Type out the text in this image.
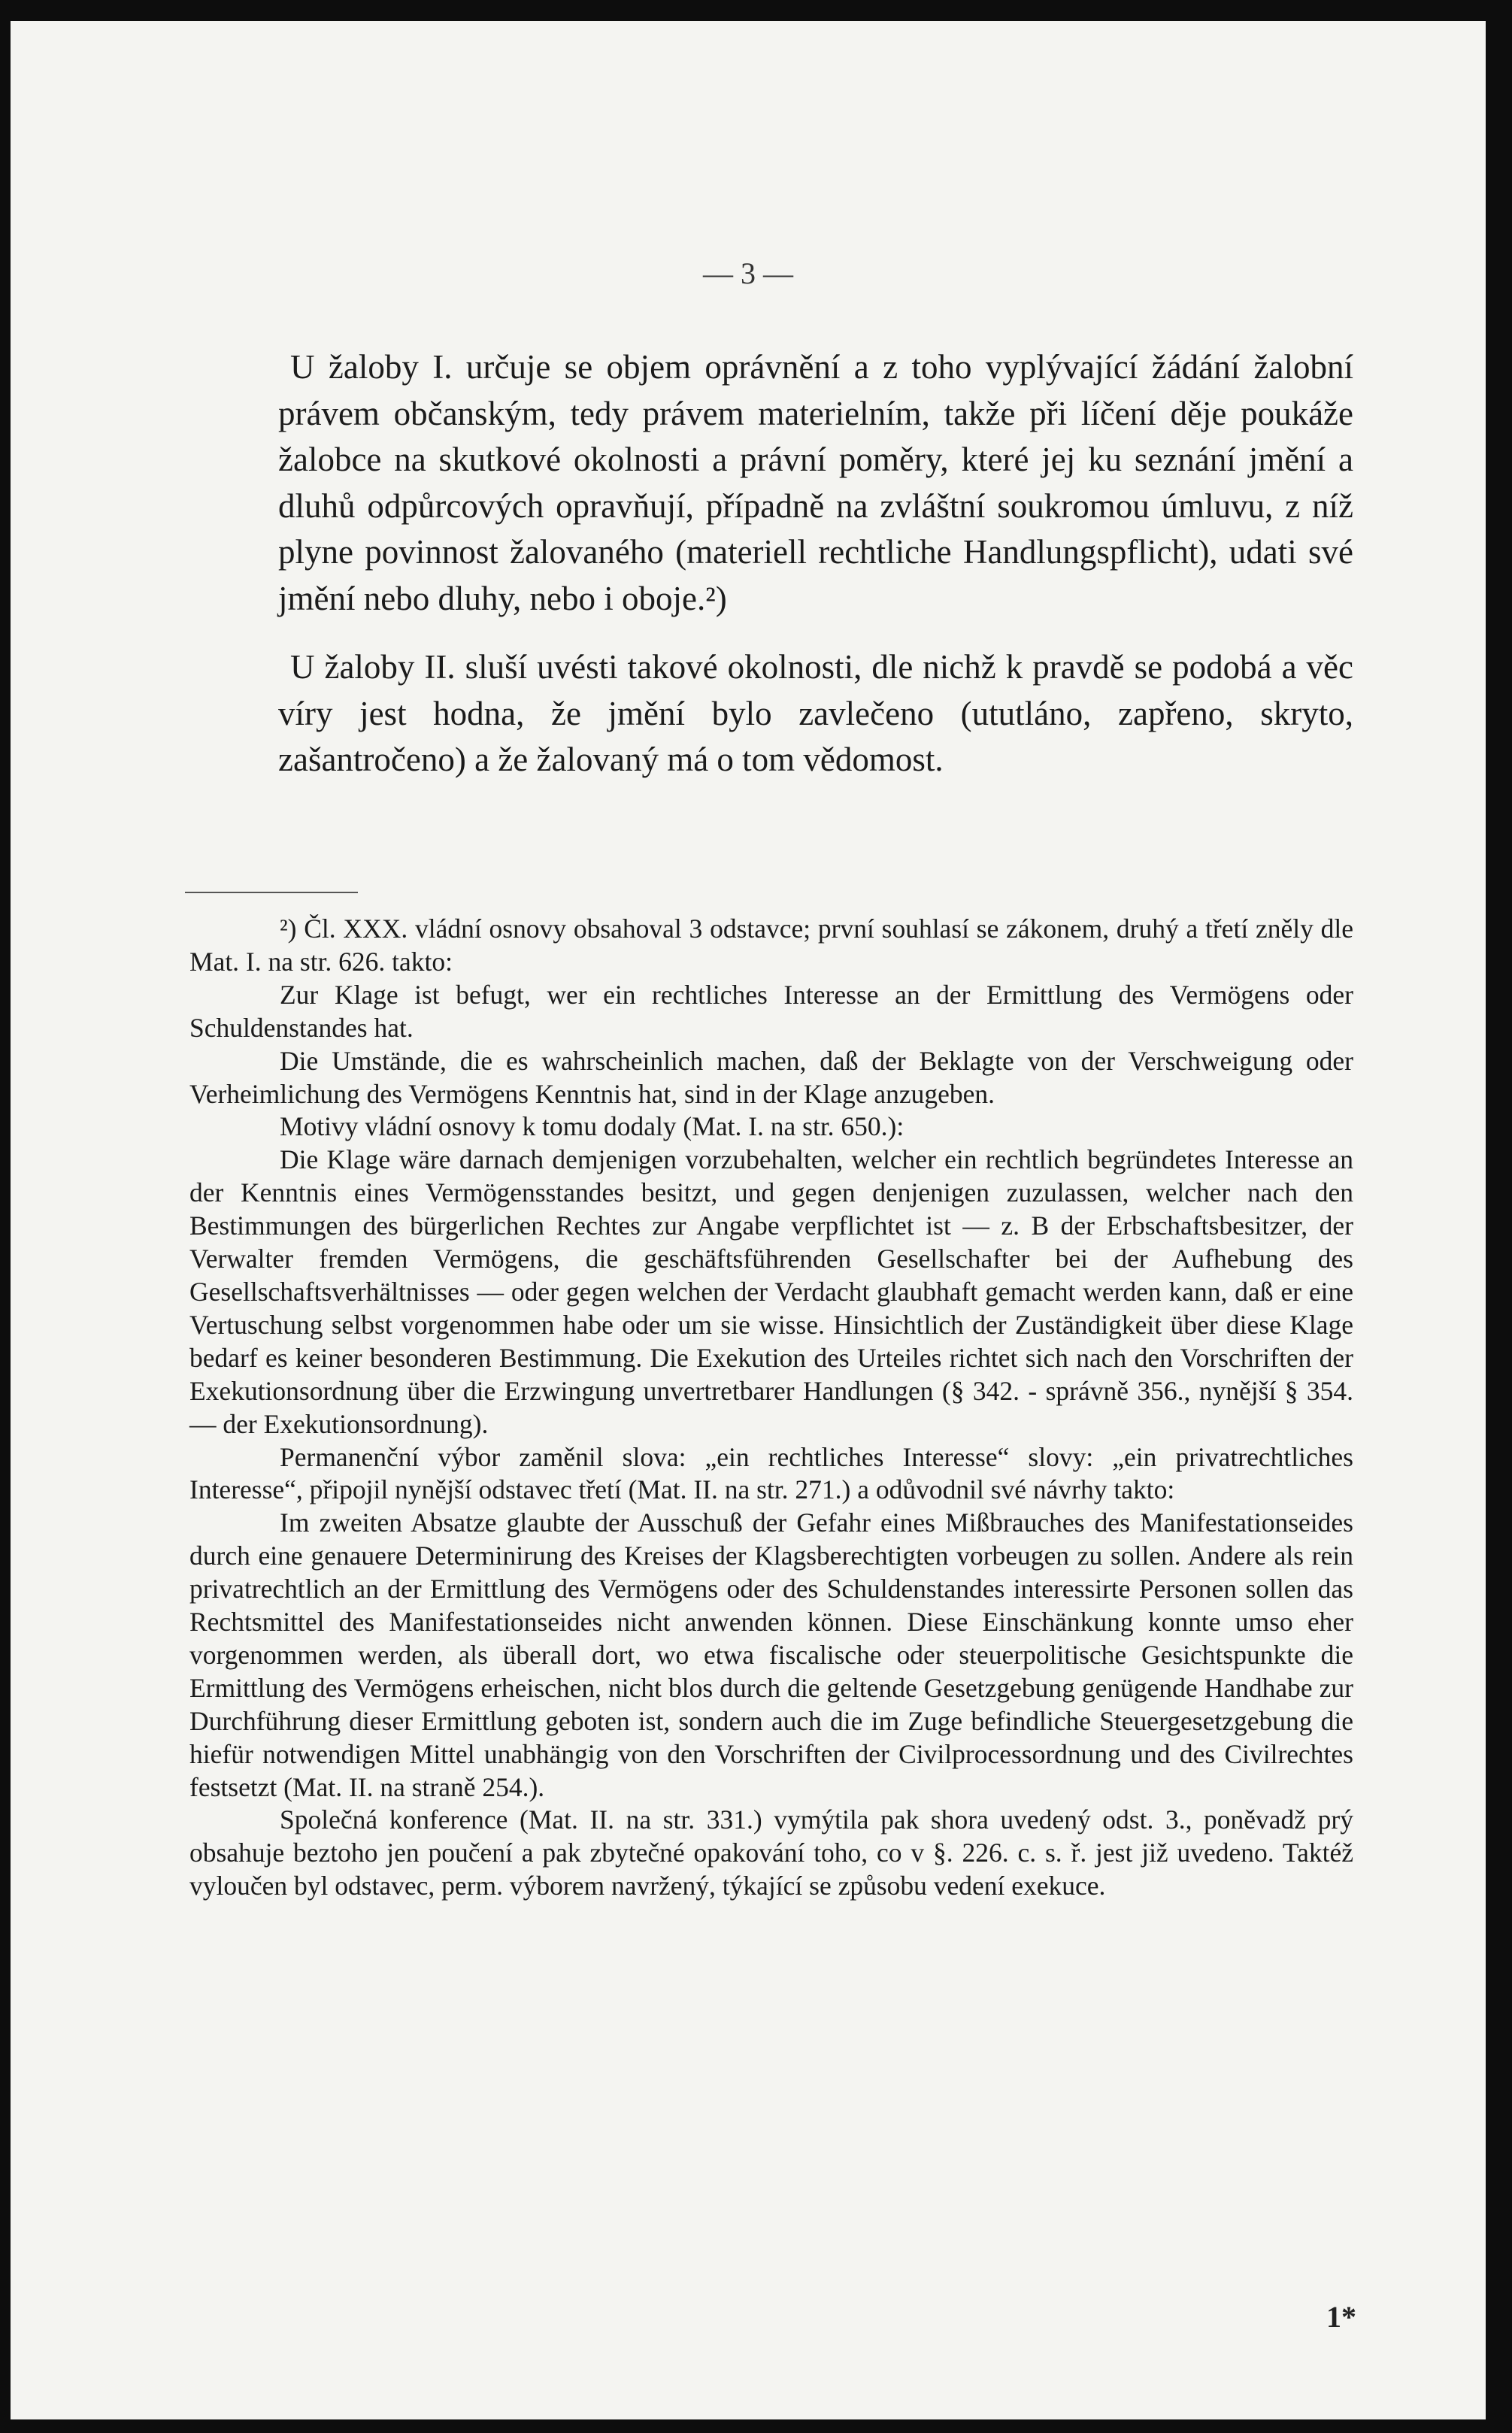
— 3 —

U žaloby I. určuje se objem oprávnění a z toho vyplývající žádání žalobní právem občanským, tedy právem materielním, takže při líčení děje poukáže žalobce na skutkové okolnosti a právní poměry, které jej ku seznání jmění a dluhů odpůrcových opravňují, případně na zvláštní soukromou úmluvu, z níž plyne povinnost žalovaného (materiell rechtliche Handlungspflicht), udati své jmění nebo dluhy, nebo i obojе.²)

U žaloby II. sluší uvésti takové okolnosti, dle nichž k pravdě se podobá a věc víry jest hodna, že jmění bylo zavlečeno (ututláno, zapřeno, skryto, zašantročeno) a že žalovaný má o tom vědomost.

²) Čl. XXX. vládní osnovy obsahoval 3 odstavce; první souhlasí se zákonem, druhý a třetí zněly dle Mat. I. na str. 626. takto:

Zur Klage ist befugt, wer ein rechtliches Interesse an der Ermittlung des Vermögens oder Schuldenstandes hat.

Die Umstände, die es wahrscheinlich machen, daß der Beklagte von der Verschweigung oder Verheimlichung des Vermögens Kenntnis hat, sind in der Klage anzugeben.

Motivy vládní osnovy k tomu dodaly (Mat. I. na str. 650.):

Die Klage wäre darnach demjenigen vorzubehalten, welcher ein rechtlich begründetes Interesse an der Kenntnis eines Vermögensstandes besitzt, und gegen denjenigen zuzulassen, welcher nach den Bestimmungen des bürgerlichen Rechtes zur Angabe verpflichtet ist — z. B der Erbschaftsbesitzer, der Verwalter fremden Vermögens, die geschäftsführenden Gesellschafter bei der Aufhebung des Gesellschaftsverhältnisses — oder gegen welchen der Verdacht glaubhaft gemacht werden kann, daß er eine Vertuschung selbst vorgenommen habe oder um sie wisse. Hinsichtlich der Zuständigkeit über diese Klage bedarf es keiner besonderen Bestimmung. Die Exekution des Urteiles richtet sich nach den Vorschriften der Exekutionsordnung über die Erzwingung unvertretbarer Handlungen (§ 342. - správně 356., nynější § 354. — der Exekutionsordnung).

Permanenční výbor zaměnil slova: „ein rechtliches Interesse“ slovy: „ein privatrechtliches Interesse“, připojil nynější odstavec třetí (Mat. II. na str. 271.) a odůvodnil své návrhy takto:

Im zweiten Absatze glaubte der Ausschuß der Gefahr eines Mißbrauches des Manifestationseides durch eine genauere Determinirung des Kreises der Klagsberechtigten vorbeugen zu sollen. Andere als rein privatrechtlich an der Ermittlung des Vermögens oder des Schuldenstandes interessirte Personen sollen das Rechtsmittel des Manifestationseides nicht anwenden können. Diese Einschänkung konnte umso eher vorgenommen werden, als überall dort, wo etwa fiscalische oder steuerpolitische Gesichtspunkte die Ermittlung des Vermögens erheischen, nicht blos durch die geltende Gesetzgebung genügende Handhabe zur Durchführung dieser Ermittlung geboten ist, sondern auch die im Zuge befindliche Steuergesetzgebung die hiefür notwendigen Mittel unabhängig von den Vorschriften der Civilprocessordnung und des Civilrechtes festsetzt (Mat. II. na straně 254.).

Společná konference (Mat. II. na str. 331.) vymýtila pak shora uvedený odst. 3., poněvadž prý obsahuje beztoho jen poučení a pak zbytečné opakování toho, co v §. 226. c. s. ř. jest již uvedeno. Taktéž vyloučen byl odstavec, perm. výborem navržený, týkající se způsobu vedení exekuce.

1*
